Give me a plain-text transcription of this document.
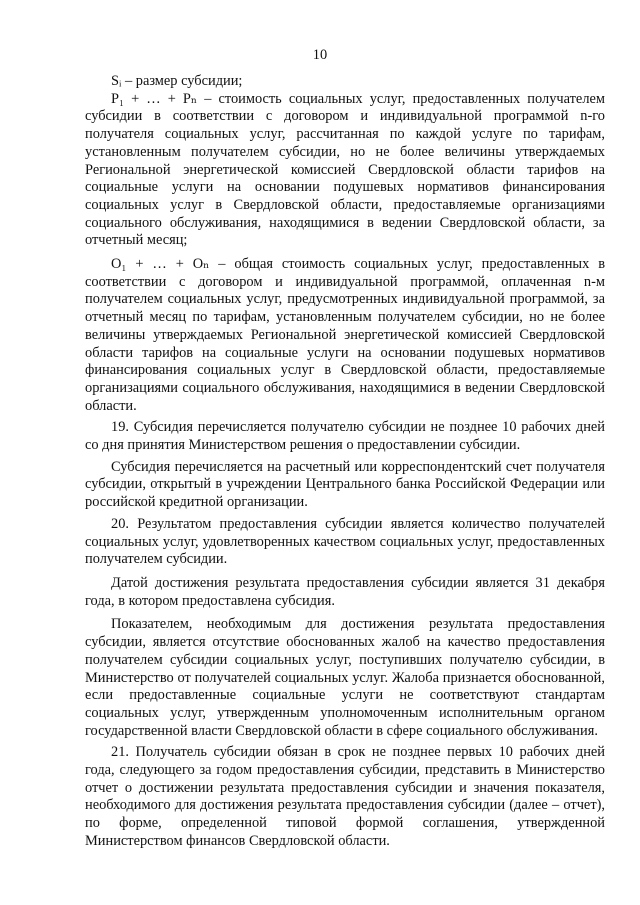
10

Sᵢ – размер субсидии;

P₁ + … + Pₙ – стоимость социальных услуг, предоставленных получателем субсидии в соответствии с договором и индивидуальной программой n-го получателя социальных услуг, рассчитанная по каждой услуге по тарифам, установленным получателем субсидии, но не более величины утверждаемых Региональной энергетической комиссией Свердловской области тарифов на социальные услуги на основании подушевых нормативов финансирования социальных услуг в Свердловской области, предоставляемые организациями социального обслуживания, находящимися в ведении Свердловской области, за отчетный месяц;

O₁ + … + Oₙ – общая стоимость социальных услуг, предоставленных в соответствии с договором и индивидуальной программой, оплаченная n-м получателем социальных услуг, предусмотренных индивидуальной программой, за отчетный месяц по тарифам, установленным получателем субсидии, но не более величины утверждаемых Региональной энергетической комиссией Свердловской области тарифов на социальные услуги на основании подушевых нормативов финансирования социальных услуг в Свердловской области, предоставляемые организациями социального обслуживания, находящимися в ведении Свердловской области.

19. Субсидия перечисляется получателю субсидии не позднее 10 рабочих дней со дня принятия Министерством решения о предоставлении субсидии.

Субсидия перечисляется на расчетный или корреспондентский счет получателя субсидии, открытый в учреждении Центрального банка Российской Федерации или российской кредитной организации.

20. Результатом предоставления субсидии является количество получателей социальных услуг, удовлетворенных качеством социальных услуг, предоставленных получателем субсидии.

Датой достижения результата предоставления субсидии является 31 декабря года, в котором предоставлена субсидия.

Показателем, необходимым для достижения результата предоставления субсидии, является отсутствие обоснованных жалоб на качество предоставления получателем субсидии социальных услуг, поступивших получателю субсидии, в Министерство от получателей социальных услуг. Жалоба признается обоснованной, если предоставленные социальные услуги не соответствуют стандартам социальных услуг, утвержденным уполномоченным исполнительным органом государственной власти Свердловской области в сфере социального обслуживания.

21. Получатель субсидии обязан в срок не позднее первых 10 рабочих дней года, следующего за годом предоставления субсидии, представить в Министерство отчет о достижении результата предоставления субсидии и значения показателя, необходимого для достижения результата предоставления субсидии (далее – отчет), по форме, определенной типовой формой соглашения, утвержденной Министерством финансов Свердловской области.
